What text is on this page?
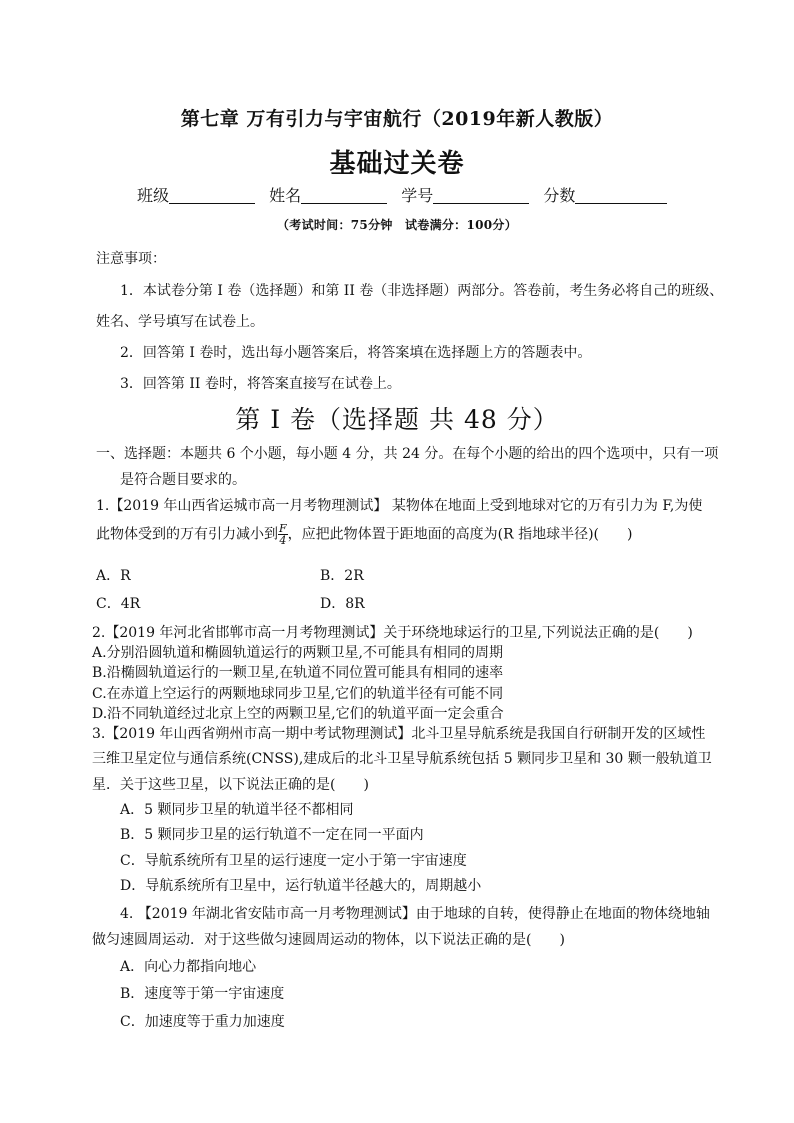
第七章 万有引力与宇宙航行（2019年新人教版）
基础过关卷
班级	姓名	学号	分数
（考试时间：75分钟　试卷满分：100分）
注意事项：
1．本试卷分第 I 卷（选择题）和第 II 卷（非选择题）两部分。答卷前，考生务必将自己的班级、
姓名、学号填写在试卷上。
2．回答第 I 卷时，选出每小题答案后，将答案填在选择题上方的答题表中。
3．回答第 II 卷时，将答案直接写在试卷上。
第 I 卷（选择题 共 48 分）
一、选择题：本题共 6 个小题，每小题 4 分，共 24 分。在每个小题的给出的四个选项中，只有一项
是符合题目要求的。
1.【2019 年山西省运城市高一月考物理测试】 某物体在地面上受到地球对它的万有引力为 F,为使
此物体受到的万有引力减小到 $\frac{F}{4}$ ，应把此物体置于距地面的高度为(R 指地球半径)(　　)
A．R	B．2R
C．4R	D．8R
2.【2019 年河北省邯郸市高一月考物理测试】关于环绕地球运行的卫星,下列说法正确的是(　　)
A.分别沿圆轨道和椭圆轨道运行的两颗卫星,不可能具有相同的周期
B.沿椭圆轨道运行的一颗卫星,在轨道不同位置可能具有相同的速率
C.在赤道上空运行的两颗地球同步卫星,它们的轨道半径有可能不同
D.沿不同轨道经过北京上空的两颗卫星,它们的轨道平面一定会重合
3.【2019 年山西省朔州市高一期中考试物理测试】北斗卫星导航系统是我国自行研制开发的区域性
三维卫星定位与通信系统(CNSS),建成后的北斗卫星导航系统包括 5 颗同步卫星和 30 颗一般轨道卫
星．关于这些卫星，以下说法正确的是(　　)
A．5 颗同步卫星的轨道半径不都相同
B．5 颗同步卫星的运行轨道不一定在同一平面内
C．导航系统所有卫星的运行速度一定小于第一宇宙速度
D．导航系统所有卫星中，运行轨道半径越大的，周期越小
4. 【2019 年湖北省安陆市高一月考物理测试】由于地球的自转，使得静止在地面的物体绕地轴
做匀速圆周运动．对于这些做匀速圆周运动的物体，以下说法正确的是(　　)
A．向心力都指向地心
B．速度等于第一宇宙速度
C．加速度等于重力加速度
